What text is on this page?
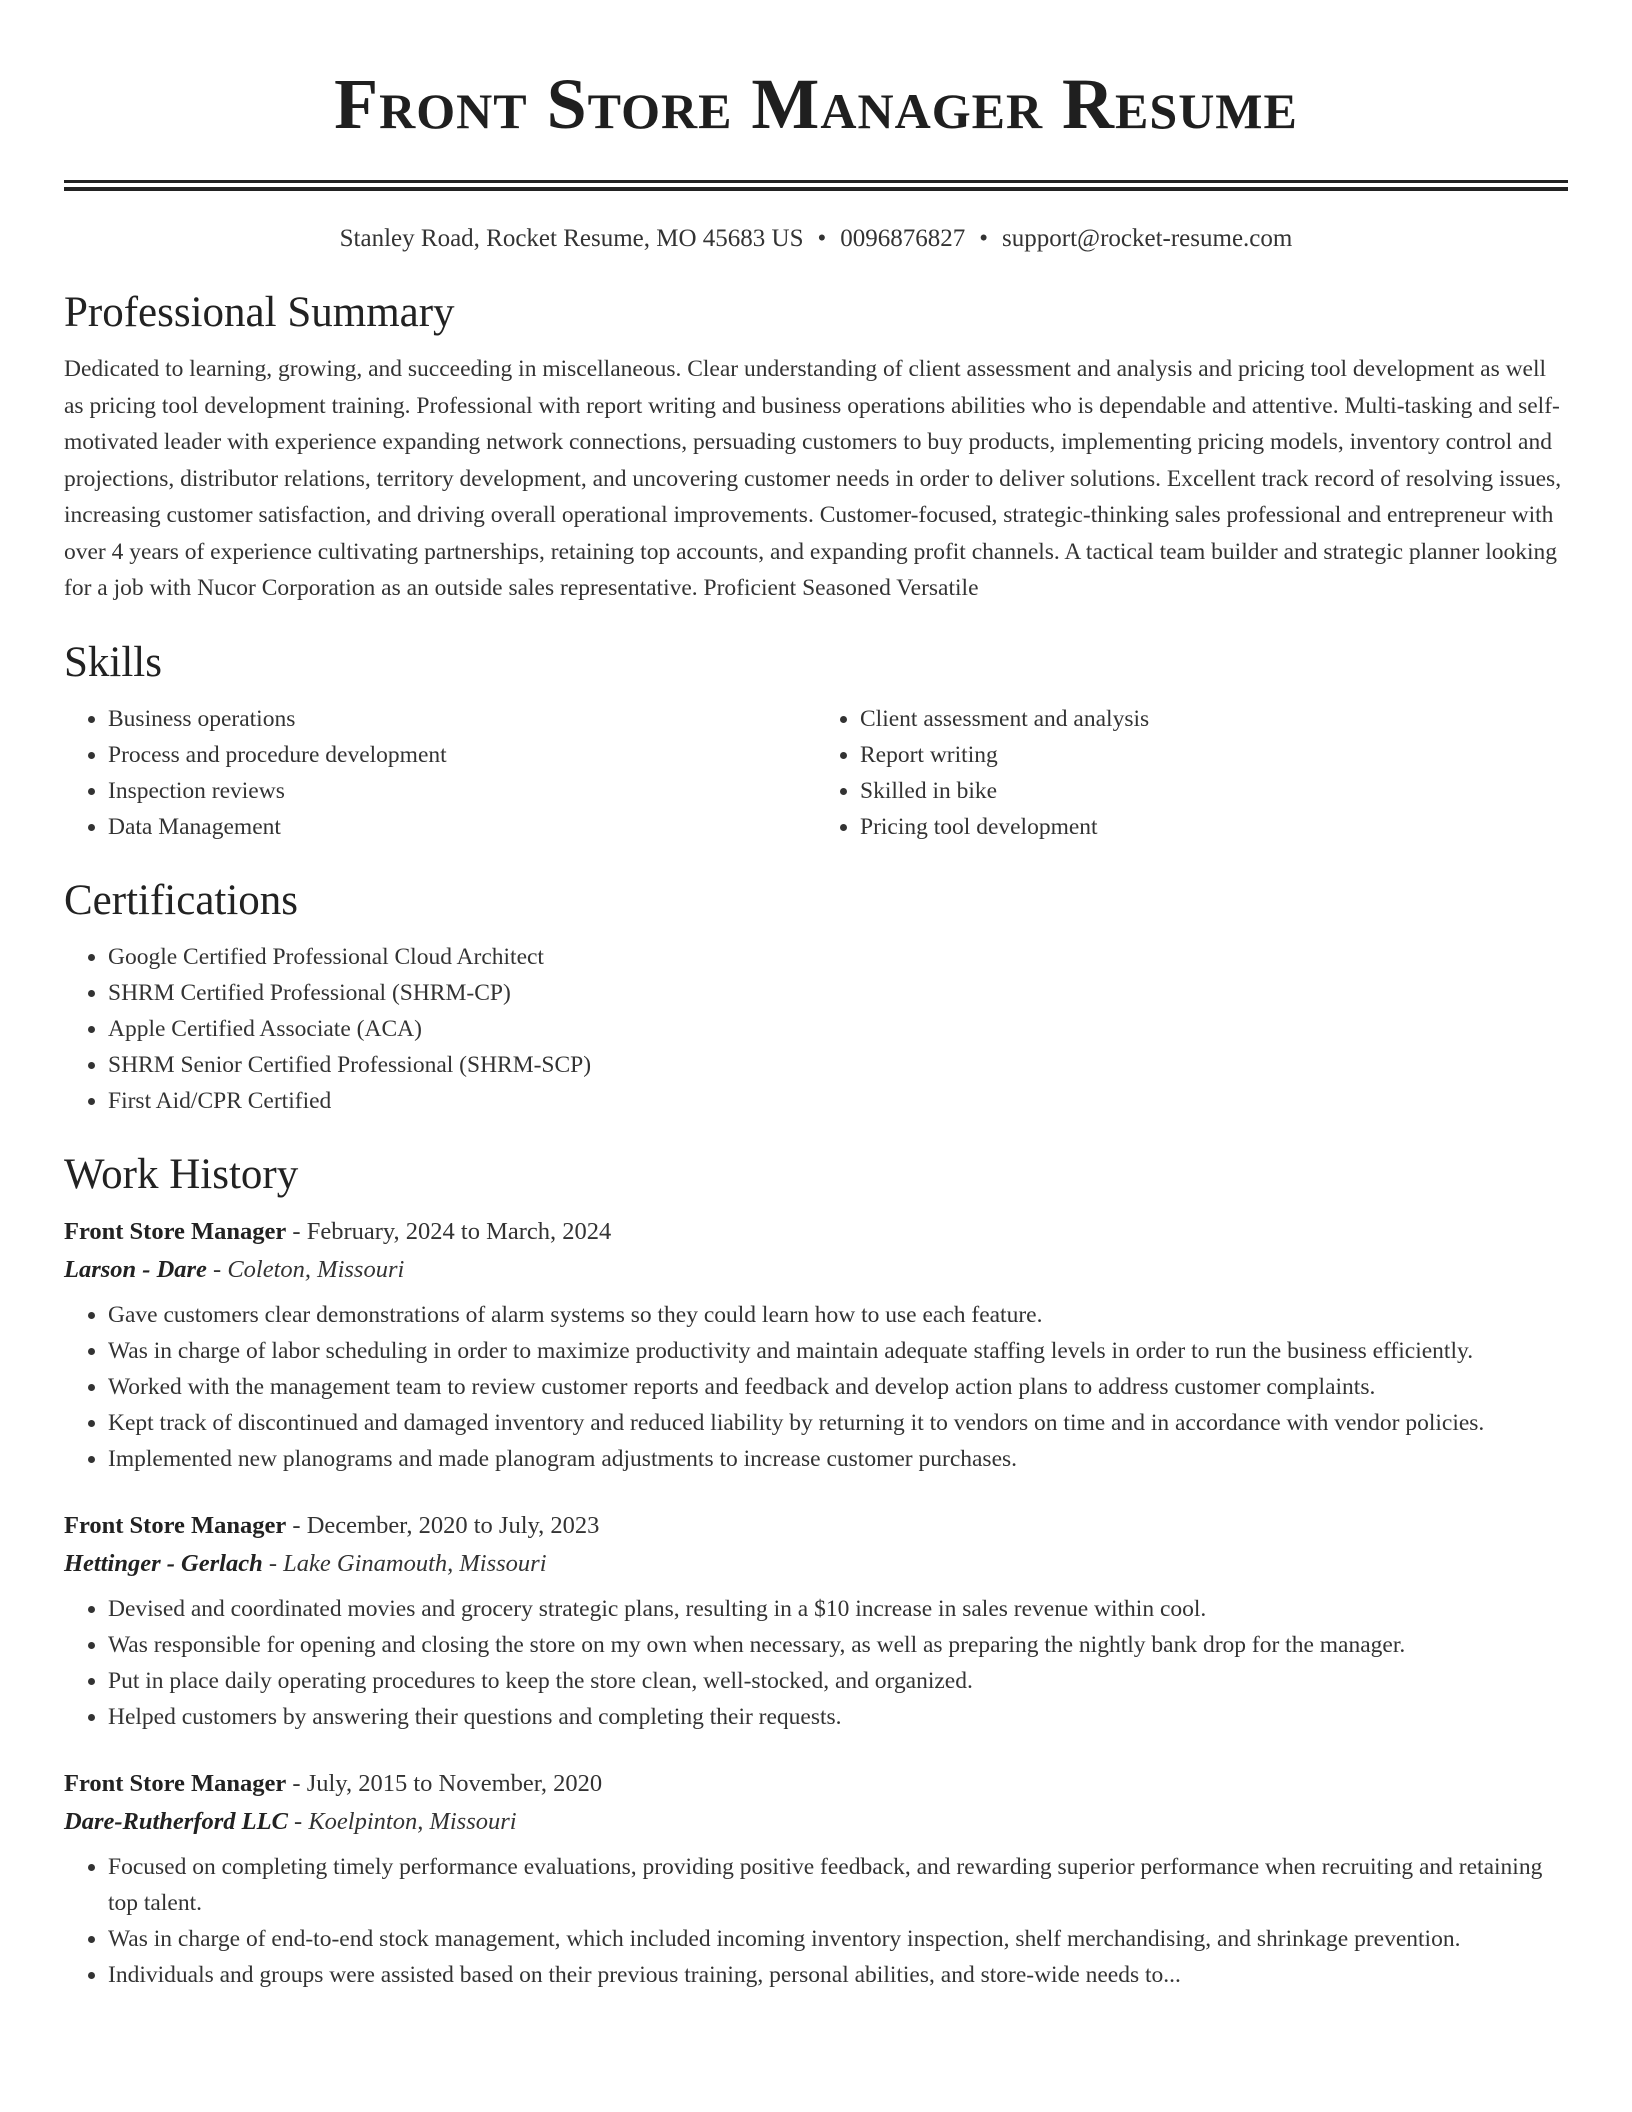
Front Store Manager Resume
Stanley Road, Rocket Resume, MO 45683 US • 0096876827 • support@rocket-resume.com
Professional Summary

Dedicated to learning, growing, and succeeding in miscellaneous. Clear understanding of client assessment and analysis and pricing tool development as well as pricing tool development training. Professional with report writing and business operations abilities who is dependable and attentive. Multi-tasking and self-motivated leader with experience expanding network connections, persuading customers to buy products, implementing pricing models, inventory control and projections, distributor relations, territory development, and uncovering customer needs in order to deliver solutions. Excellent track record of resolving issues, increasing customer satisfaction, and driving overall operational improvements. Customer-focused, strategic-thinking sales professional and entrepreneur with over 4 years of experience cultivating partnerships, retaining top accounts, and expanding profit channels. A tactical team builder and strategic planner looking for a job with Nucor Corporation as an outside sales representative. Proficient Seasoned Versatile

Skills
• Business operations
• Process and procedure development
• Inspection reviews
• Data Management
• Client assessment and analysis
• Report writing
• Skilled in bike
• Pricing tool development
Certifications
• Google Certified Professional Cloud Architect
• SHRM Certified Professional (SHRM-CP)
• Apple Certified Associate (ACA)
• SHRM Senior Certified Professional (SHRM-SCP)
• First Aid/CPR Certified
Work History

Front Store Manager - February, 2024 to March, 2024

Larson - Dare - Coleton, Missouri

• Gave customers clear demonstrations of alarm systems so they could learn how to use each feature.
• Was in charge of labor scheduling in order to maximize productivity and maintain adequate staffing levels in order to run the business efficiently.
• Worked with the management team to review customer reports and feedback and develop action plans to address customer complaints.
• Kept track of discontinued and damaged inventory and reduced liability by returning it to vendors on time and in accordance with vendor policies.
• Implemented new planograms and made planogram adjustments to increase customer purchases.

Front Store Manager - December, 2020 to July, 2023

Hettinger - Gerlach - Lake Ginamouth, Missouri

• Devised and coordinated movies and grocery strategic plans, resulting in a $10 increase in sales revenue within cool.
• Was responsible for opening and closing the store on my own when necessary, as well as preparing the nightly bank drop for the manager.
• Put in place daily operating procedures to keep the store clean, well-stocked, and organized.
• Helped customers by answering their questions and completing their requests.

Front Store Manager - July, 2015 to November, 2020

Dare-Rutherford LLC - Koelpinton, Missouri

• Focused on completing timely performance evaluations, providing positive feedback, and rewarding superior performance when recruiting and retaining top talent.
• Was in charge of end-to-end stock management, which included incoming inventory inspection, shelf merchandising, and shrinkage prevention.
• Individuals and groups were assisted based on their previous training, personal abilities, and store-wide needs to...
